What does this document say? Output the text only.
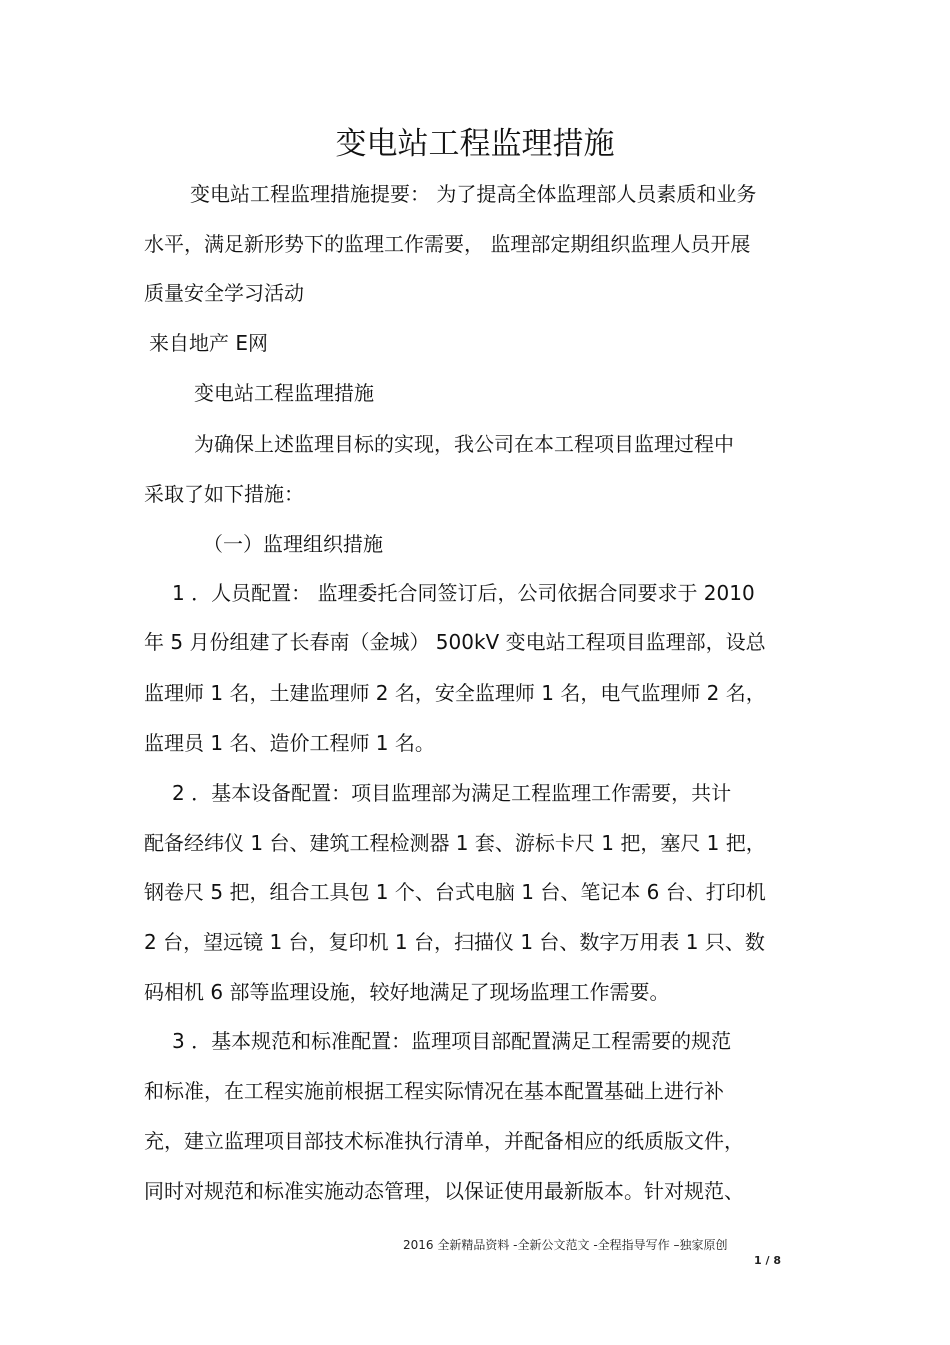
变电站工程监理措施
变电站工程监理措施提要： 为了提高全体监理部人员素质和业务
水平，满足新形势下的监理工作需要， 监理部定期组织监理人员开展
质量安全学习活动
来自地产 E网
变电站工程监理措施
为确保上述监理目标的实现，我公司在本工程项目监理过程中
采取了如下措施：
（一）监理组织措施
1 ．人员配置： 监理委托合同签订后，公司依据合同要求于 2010
年 5 月份组建了长春南（金城） 500kV 变电站工程项目监理部，设总
监理师 1 名，土建监理师 2 名，安全监理师 1 名，电气监理师 2 名，
监理员 1 名、造价工程师 1 名。
2 ．基本设备配置：项目监理部为满足工程监理工作需要，共计
配备经纬仪 1 台、建筑工程检测器 1 套、游标卡尺 1 把，塞尺 1 把，
钢卷尺 5 把，组合工具包 1 个、台式电脑 1 台、笔记本 6 台、打印机
2 台，望远镜 1 台，复印机 1 台，扫描仪 1 台、数字万用表 1 只、数
码相机 6 部等监理设施，较好地满足了现场监理工作需要。
3 ．基本规范和标准配置：监理项目部配置满足工程需要的规范
和标准，在工程实施前根据工程实际情况在基本配置基础上进行补
充，建立监理项目部技术标准执行清单，并配备相应的纸质版文件，
同时对规范和标准实施动态管理，以保证使用最新版本。针对规范、
2016 全新精品资料 -全新公文范文 -全程指导写作 –独家原创
1 / 8
